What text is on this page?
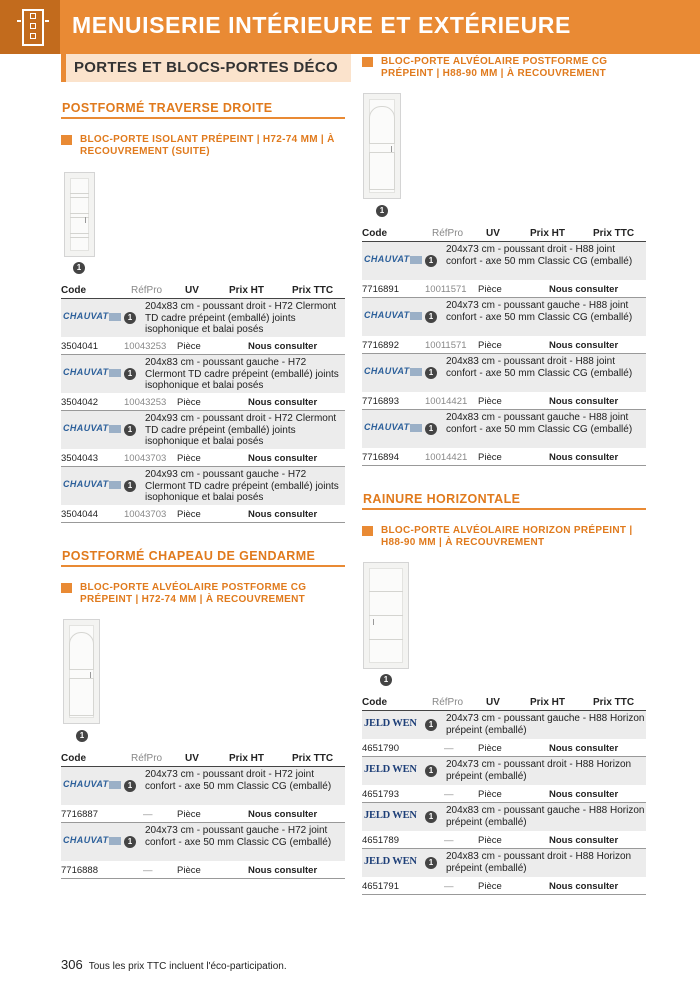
MENUISERIE INTÉRIEURE ET EXTÉRIEURE
PORTES ET BLOCS-PORTES DÉCO
POSTFORMÉ TRAVERSE DROITE
BLOC-PORTE ISOLANT PRÉPEINT | H72-74 MM | À RECOUVREMENT (SUITE)
1
Code	RéfPro UV	Prix HT	Prix TTC
CHAUVAT	1
204x83 cm - poussant droit - H72 Clermont TD cadre prépeint (emballé) joints isophonique et balai posés
3504041	10043253 Pièce	Nous consulter
CHAUVAT	1
204x83 cm - poussant gauche - H72 Clermont TD cadre prépeint (emballé) joints isophonique et balai posés
3504042	10043253 Pièce	Nous consulter
CHAUVAT	1
204x93 cm - poussant droit - H72 Clermont TD cadre prépeint (emballé) joints isophonique et balai posés
3504043	10043703 Pièce	Nous consulter
CHAUVAT	1
204x93 cm - poussant gauche - H72 Clermont TD cadre prépeint (emballé) joints isophonique et balai posés
3504044	10043703 Pièce	Nous consulter
POSTFORMÉ CHAPEAU DE GENDARME
BLOC-PORTE ALVÉOLAIRE POSTFORME CG PRÉPEINT | H72-74 MM | À RECOUVREMENT
1
Code	RéfPro UV	Prix HT	Prix TTC
CHAUVAT	1
204x73 cm - poussant droit - H72 joint confort - axe 50 mm Classic CG (emballé)
7716887	—	Pièce	Nous consulter
CHAUVAT	1
204x73 cm - poussant gauche - H72 joint confort - axe 50 mm Classic CG (emballé)
7716888	—	Pièce	Nous consulter
BLOC-PORTE ALVÉOLAIRE POSTFORME CG PRÉPEINT | H88-90 MM | À RECOUVREMENT
1
Code	RéfPro UV	Prix HT	Prix TTC
CHAUVAT	1
204x73 cm - poussant droit - H88 joint confort - axe 50 mm Classic CG (emballé)
7716891	10011571 Pièce	Nous consulter
CHAUVAT	1
204x73 cm - poussant gauche - H88 joint confort - axe 50 mm Classic CG (emballé)
7716892	10011571 Pièce	Nous consulter
CHAUVAT	1
204x83 cm - poussant droit - H88 joint confort - axe 50 mm Classic CG (emballé)
7716893	10014421 Pièce	Nous consulter
CHAUVAT	1
204x83 cm - poussant gauche - H88 joint confort - axe 50 mm Classic CG (emballé)
7716894	10014421 Pièce	Nous consulter
RAINURE HORIZONTALE
BLOC-PORTE ALVÉOLAIRE HORIZON PRÉPEINT | H88-90 MM | À RECOUVREMENT
1
Code	RéfPro UV	Prix HT	Prix TTC
JELD WEN	1
204x73 cm - poussant gauche - H88 Horizon prépeint (emballé)
4651790	—	Pièce	Nous consulter
JELD WEN	1
204x73 cm - poussant droit - H88 Horizon prépeint (emballé)
4651793	—	Pièce	Nous consulter
JELD WEN	1
204x83 cm - poussant gauche - H88 Horizon prépeint (emballé)
4651789	—	Pièce	Nous consulter
JELD WEN	1
204x83 cm - poussant droit - H88 Horizon prépeint (emballé)
4651791	—	Pièce	Nous consulter
306 Tous les prix TTC incluent l'éco-participation.
